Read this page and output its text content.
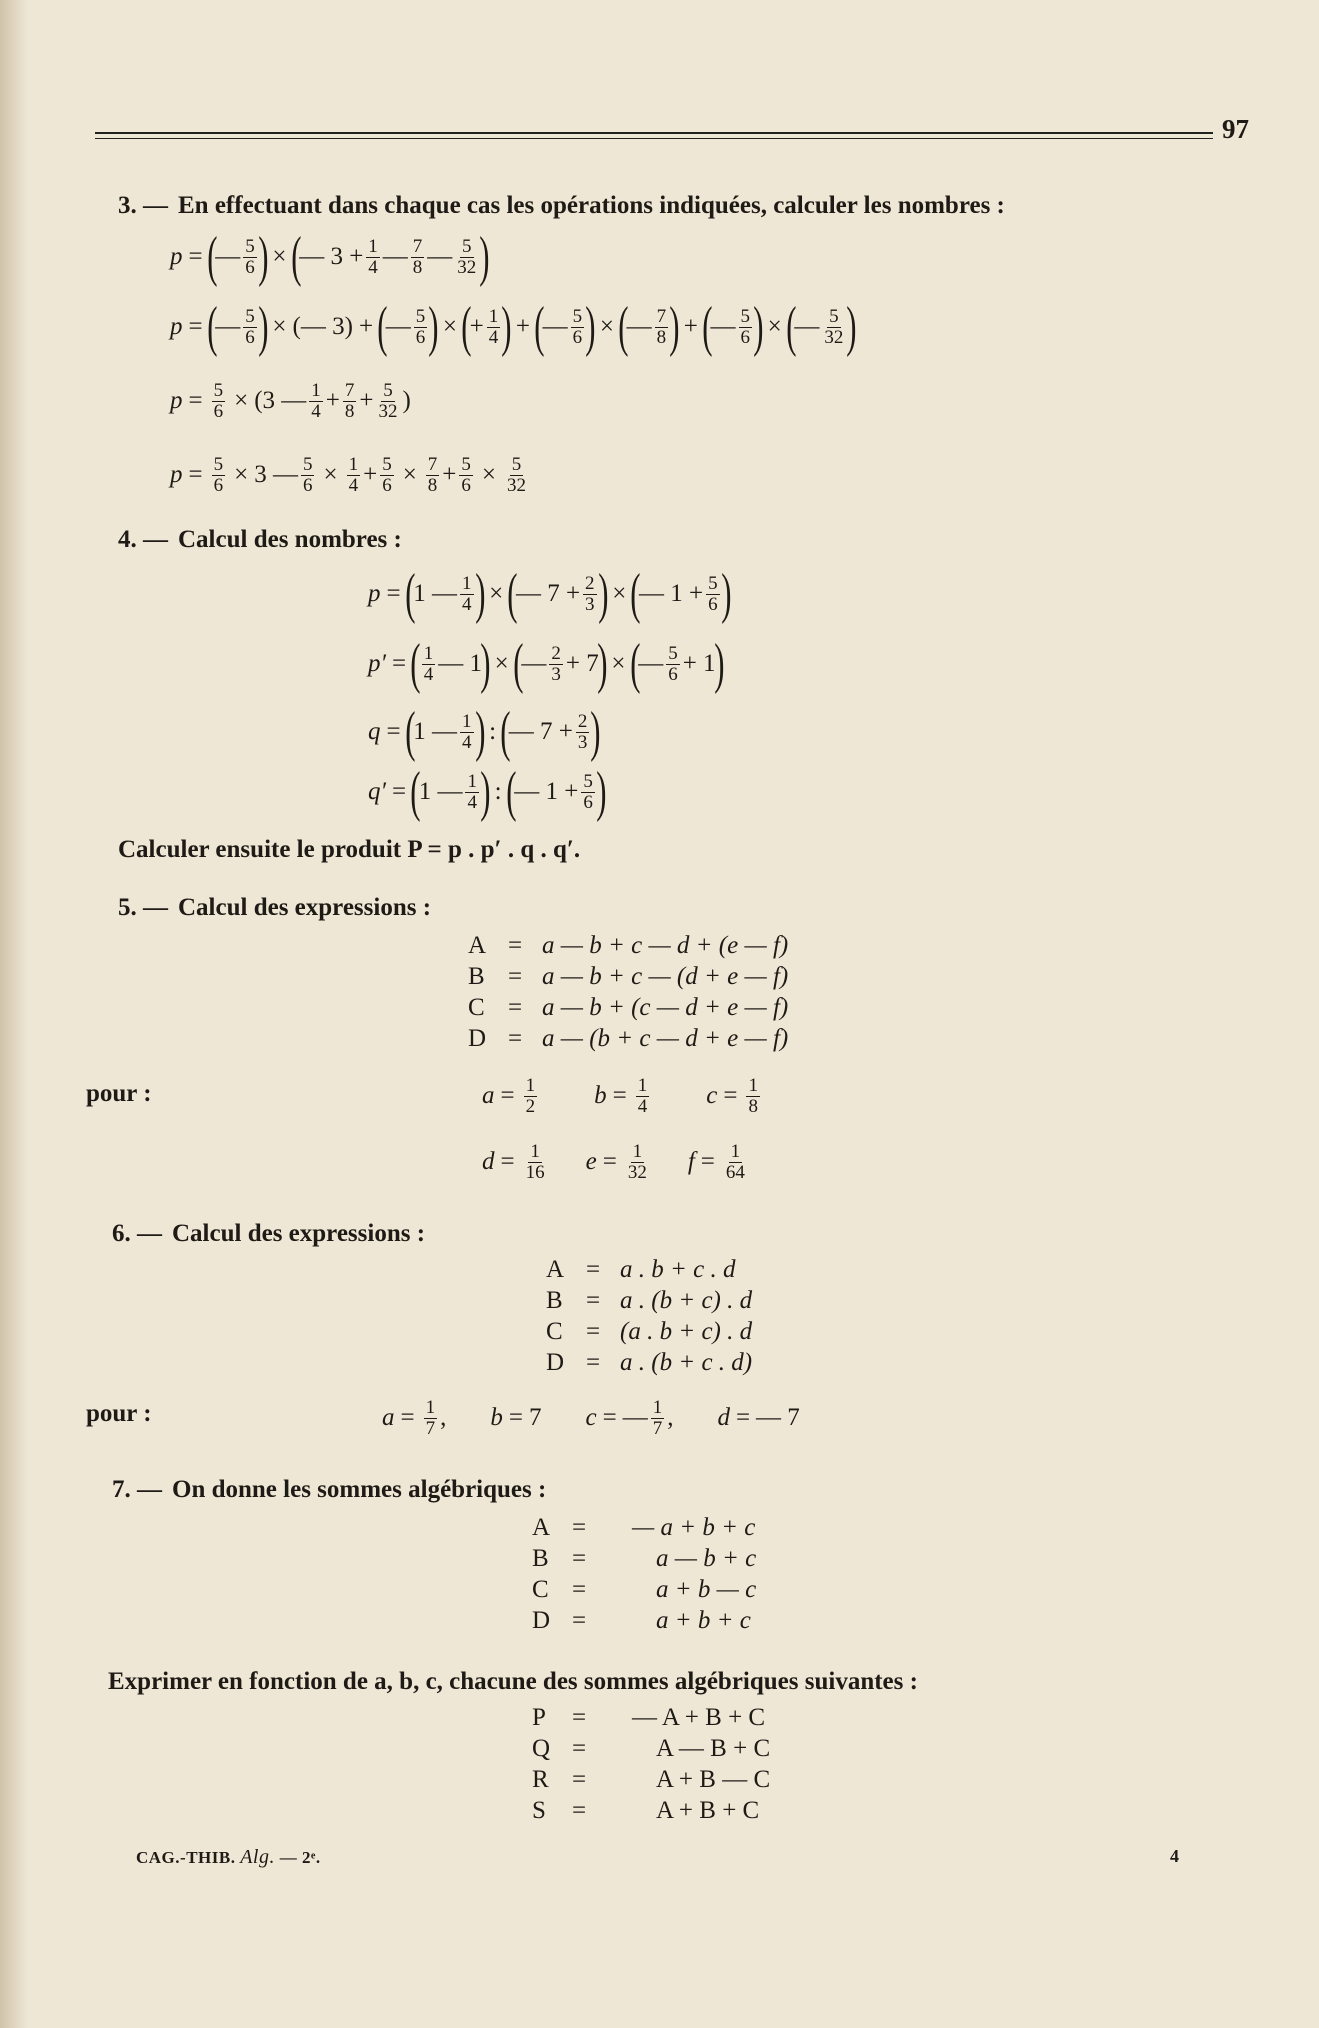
97
3. — En effectuant dans chaque cas les opérations indiquées, calculer les nombres :
p = (
— $\frac{5}{6}$ ) × (
— $3 + \frac{1}{4}$ — $\frac{7}{8}$ — $\frac{5}{32}$ )
p = (
— $\frac{5}{6}$ ) × (— 3) + (
— $\frac{5}{6}$ ) × (
+ $\frac{1}{4}$ ) + (
— $\frac{5}{6}$ ) × (
— $\frac{7}{8}$ ) + (
— $\frac{5}{6}$ ) × (
— $\frac{5}{32}$ )
$p = \frac{5}{6} \times (3$ — $\frac{1}{4} + \frac{7}{8} + \frac{5}{32}$ )
$p = \frac{5}{6} \times 3$ — $\frac{5}{6} \times \frac{1}{4} + \frac{5}{6} \times \frac{7}{8} + \frac{5}{6} \times \frac{5}{32}$
4. — Calcul des nombres :
p = (
1 — $\frac{1}{4}$ ) × (
— $7 + \frac{2}{3}$ ) × (
— $1 + \frac{5}{6}$ )
p′ = ( $\frac{1}{4}$ — 1
) × (
— $\frac{2}{3} + 7$
) × (
— $\frac{5}{6} + 1$
)
q = (
1 — $\frac{1}{4}$ ) : (
— $7 + \frac{2}{3}$ )
q′ = (
1 — $\frac{1}{4}$ ) : (
— $1 + \frac{5}{6}$ )
Calculer ensuite le produit P = p . p′ . q . q′.
5. — Calcul des expressions :
A = a — b + c — d + (e — f)
B = a — b + c — (d + e — f)
C = a — b + (c — d + e — f)
D = a — (b + c — d + e — f)
pour :	$a = \frac{1}{2}$ $b = \frac{1}{4}$ $c = \frac{1}{8}$
$d = \frac{1}{16}$ $e = \frac{1}{32}$ $f = \frac{1}{64}$
6. — Calcul des expressions :
A = a . b + c . d
B = a . (b + c) . d
C = (a . b + c) . d
D = a . (b + c . d)
pour :	$a = \frac{1}{7}$ , b = 7 c = — $\frac{1}{7}$ , d = — 7
7. — On donne les sommes algébriques :
A =	— a + b + c
B =	a — b + c
C =	a + b — c
D =	a + b + c
Exprimer en fonction de a, b, c, chacune des sommes algébriques suivantes :
P	=	— A + B + C
Q =	A — B + C
R =	A + B — C
S	=	A + B + C
CAG.-THIB. Alg. — 2ᵉ.	4
